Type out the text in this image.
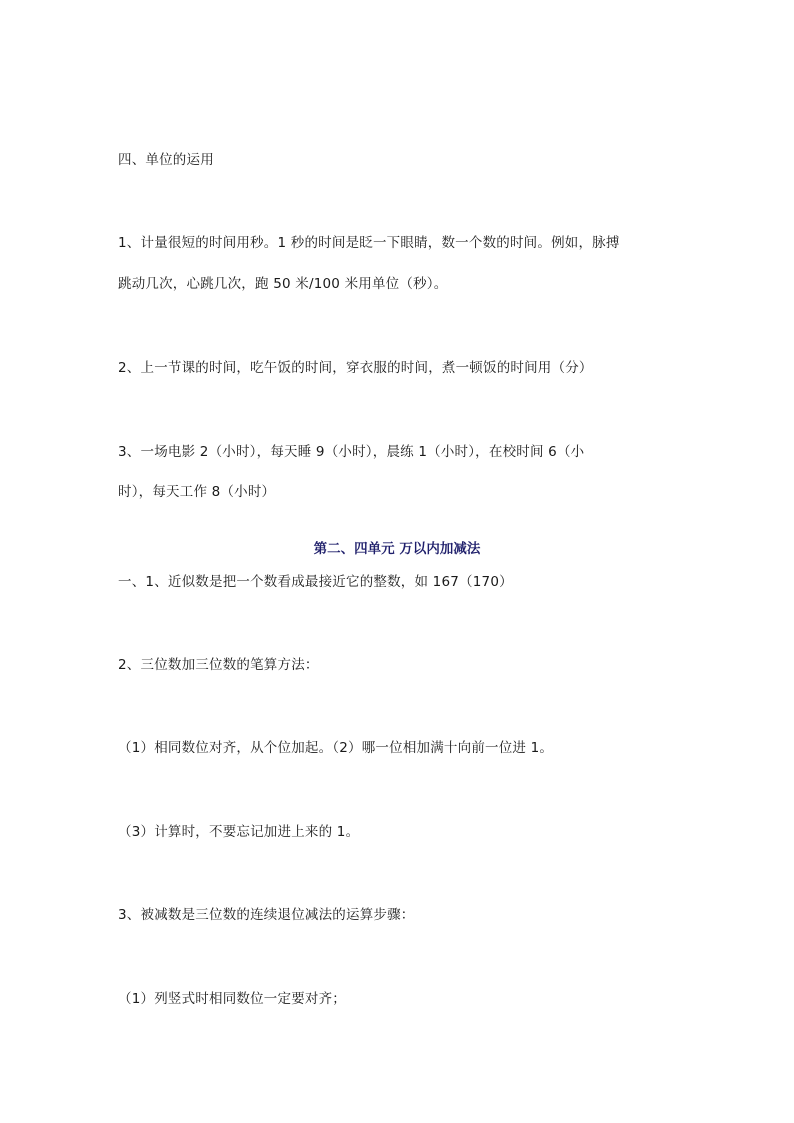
四、单位的运用
1、计量很短的时间用秒。1 秒的时间是眨一下眼睛，数一个数的时间。例如，脉搏
跳动几次，心跳几次，跑 50 米/100 米用单位（秒）。
2、上一节课的时间，吃午饭的时间，穿衣服的时间，煮一顿饭的时间用（分）
3、一场电影 2（小时），每天睡 9（小时），晨练 1（小时），在校时间 6（小
时），每天工作 8（小时）
第二、四单元 万以内加减法
一、1、近似数是把一个数看成最接近它的整数，如 167（170）
2、三位数加三位数的笔算方法：
（1）相同数位对齐，从个位加起。（2）哪一位相加满十向前一位进 1。
（3）计算时，不要忘记加进上来的 1。
3、被减数是三位数的连续退位减法的运算步骤：
（1）列竖式时相同数位一定要对齐；
